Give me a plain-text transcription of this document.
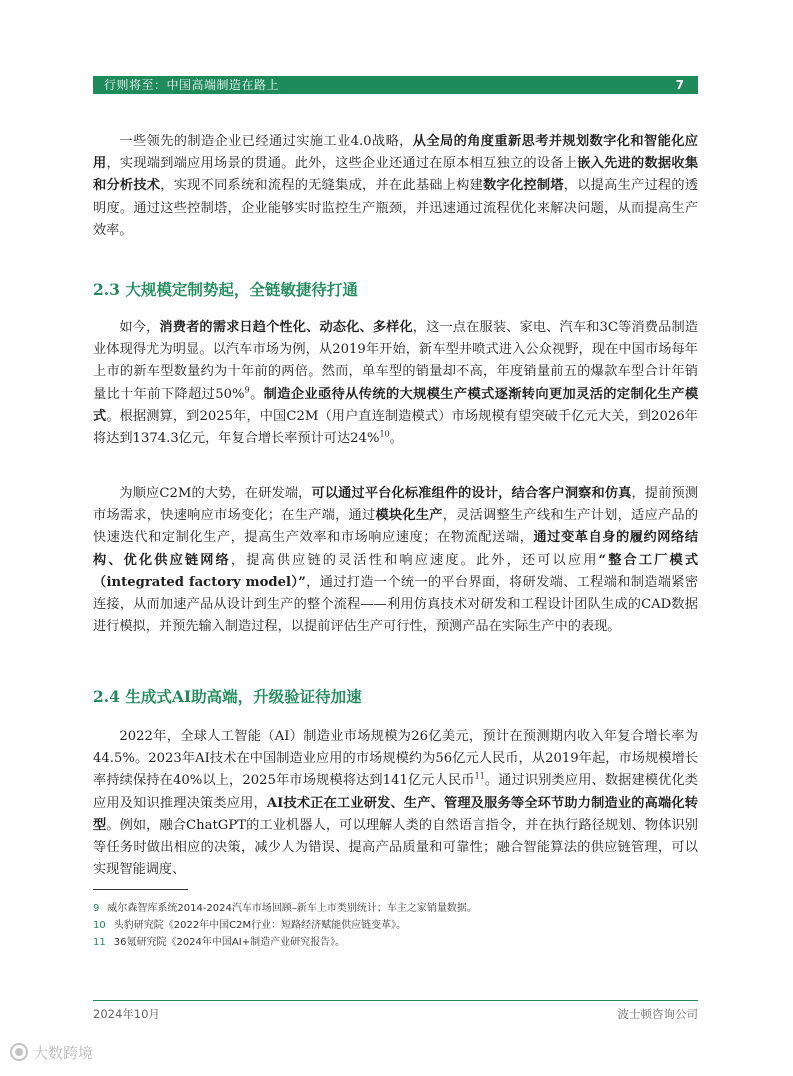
行则将至：中国高端制造在路上	7

一些领先的制造企业已经通过实施工业4.0战略，从全局的角度重新思考并规划数字化和智能化应用，实现端到端应用场景的贯通。此外，这些企业还通过在原本相互独立的设备上嵌入先进的数据收集和分析技术，实现不同系统和流程的无缝集成，并在此基础上构建数字化控制塔，以提高生产过程的透明度。通过这些控制塔，企业能够实时监控生产瓶颈，并迅速通过流程优化来解决问题，从而提高生产效率。

2.3 大规模定制势起，全链敏捷待打通

如今，消费者的需求日趋个性化、动态化、多样化，这一点在服装、家电、汽车和3C等消费品制造业体现得尤为明显。以汽车市场为例，从2019年开始，新车型井喷式进入公众视野，现在中国市场每年上市的新车型数量约为十年前的两倍。然而，单车型的销量却不高，年度销量前五的爆款车型合计年销量比十年前下降超过50%$^9$。制造企业亟待从传统的大规模生产模式逐渐转向更加灵活的定制化生产模式。根据测算，到2025年，中国C2M（用户直连制造模式）市场规模有望突破千亿元大关，到2026年将达到1374.3亿元，年复合增长率预计可达24%$^{10}$。

为顺应C2M的大势，在研发端，可以通过平台化标准组件的设计，结合客户洞察和仿真，提前预测市场需求，快速响应市场变化；在生产端，通过模块化生产，灵活调整生产线和生产计划，适应产品的快速迭代和定制化生产，提高生产效率和市场响应速度；在物流配送端，通过变革自身的履约网络结构、优化供应链网络，提高供应链的灵活性和响应速度。此外，还可以应用“整合工厂模式（integrated factory model）”，通过打造一个统一的平台界面，将研发端、工程端和制造端紧密连接，从而加速产品从设计到生产的整个流程——利用仿真技术对研发和工程设计团队生成的CAD数据进行模拟，并预先输入制造过程，以提前评估生产可行性，预测产品在实际生产中的表现。

2.4 生成式AI助高端，升级验证待加速

2022年，全球人工智能（AI）制造业市场规模为26亿美元，预计在预测期内收入年复合增长率为44.5%。2023年AI技术在中国制造业应用的市场规模约为56亿元人民币，从2019年起，市场规模增长率持续保持在40%以上，2025年市场规模将达到141亿元人民币$^{11}$。通过识别类应用、数据建模优化类应用及知识推理决策类应用，AI技术正在工业研发、生产、管理及服务等全环节助力制造业的高端化转型。例如，融合ChatGPT的工业机器人，可以理解人类的自然语言指令，并在执行路径规划、物体识别等任务时做出相应的决策，减少人为错误、提高产品质量和可靠性；融合智能算法的供应链管理，可以实现智能调度、

9 威尔森智库系统2014-2024汽车市场回顾–新车上市类别统计；车主之家销量数据。
10 头豹研究院《2022年中国C2M行业：短路经济赋能供应链变革》。
11 36氪研究院《2024年中国AI+制造产业研究报告》。
2024年10月	波士顿咨询公司
大数跨境
